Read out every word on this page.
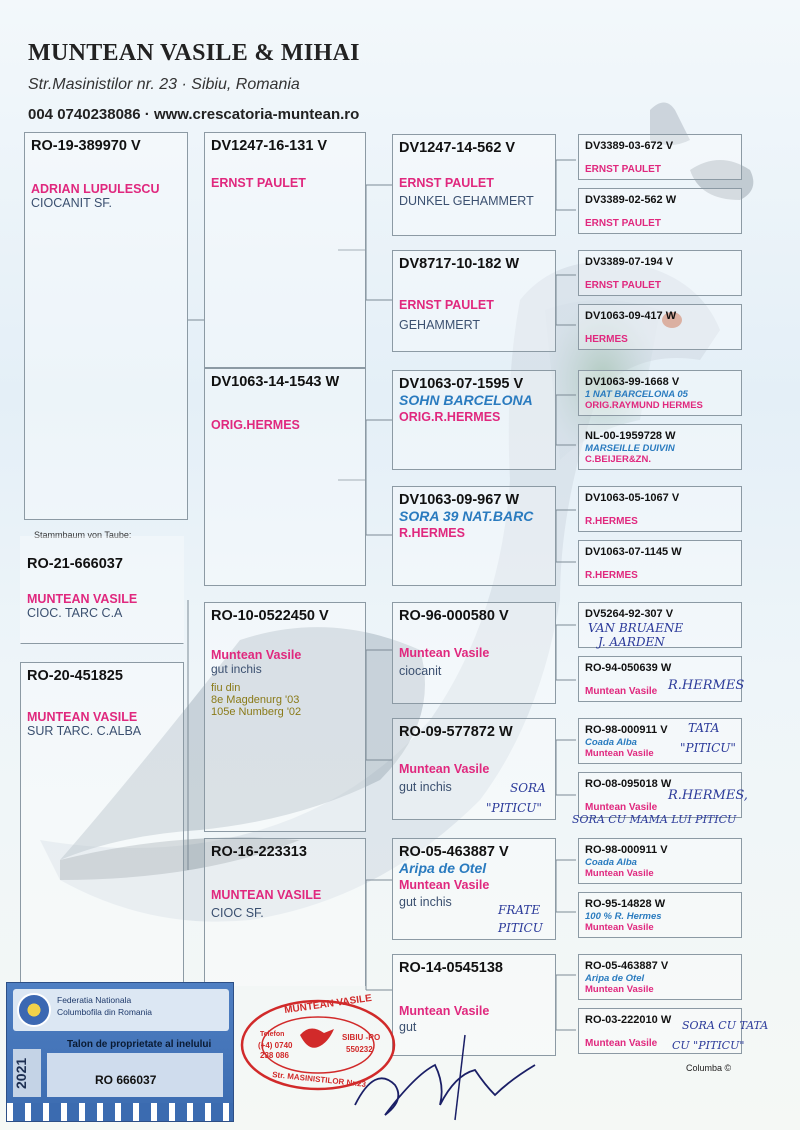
MUNTEAN VASILE & MIHAI
Str.Masinistilor nr. 23 · Sibiu, Romania
004 0740238086 · www.crescatoria-muntean.ro
RO-19-389970 V
ADRIAN LUPULESCU
CIOCANIT SF.
Stammbaum von Taube:
RO-21-666037
MUNTEAN VASILE
CIOC. TARC C.A
RO-20-451825
MUNTEAN VASILE
SUR TARC. C.ALBA
DV1247-16-131 V
ERNST PAULET
DV1063-14-1543 W
ORIG.HERMES
RO-10-0522450 V
Muntean Vasile
gut inchis
fiu din
8e Magdenurg '03
105e Numberg '02
RO-16-223313
MUNTEAN VASILE
CIOC SF.
DV1247-14-562 V
ERNST PAULET
DUNKEL GEHAMMERT
DV8717-10-182 W
ERNST PAULET
GEHAMMERT
DV1063-07-1595 V
SOHN BARCELONA
ORIG.R.HERMES
DV1063-09-967 W
SORA 39 NAT.BARC
R.HERMES
RO-96-000580 V
Muntean Vasile
ciocanit
RO-09-577872 W
Muntean Vasile
gut inchis
RO-05-463887 V
Aripa de Otel
Muntean Vasile
gut inchis
RO-14-0545138
Muntean Vasile
gut
DV3389-03-672 V
ERNST PAULET
DV3389-02-562 W
ERNST PAULET
DV3389-07-194 V
ERNST PAULET
DV1063-09-417 W
HERMES
DV1063-99-1668 V
1 NAT BARCELONA 05
ORIG.RAYMUND HERMES
NL-00-1959728 W
MARSEILLE DUIVIN
C.BEIJER&ZN.
DV1063-05-1067 V
R.HERMES
DV1063-07-1145 W
R.HERMES
DV5264-92-307 V
RO-94-050639 W
Muntean Vasile
RO-98-000911 V
Coada Alba
Muntean Vasile
RO-08-095018 W
Muntean Vasile
RO-98-000911 V
Coada Alba
Muntean Vasile
RO-95-14828 W
100 % R. Hermes
Muntean Vasile
RO-05-463887 V
Aripa de Otel
Muntean Vasile
RO-03-222010 W
Muntean Vasile
VAN BRUAENE
J. AARDEN
R.HERMES
TATA
"PITICU"
SORA
"PITICU"
R.HERMES,
SORA CU MAMA LUI PITICU
FRATE
PITICU
SORA CU TATA
CU "PITICU"
Federatia Nationala
Columbofila din Romania
Talon de proprietate al inelului
RO 666037
2021
MUNTEAN VASILE
Telefon
(+4) 0740
238 086
SIBIU -RO
550232
Str. MASINISTILOR Nr.23
Columba ©
